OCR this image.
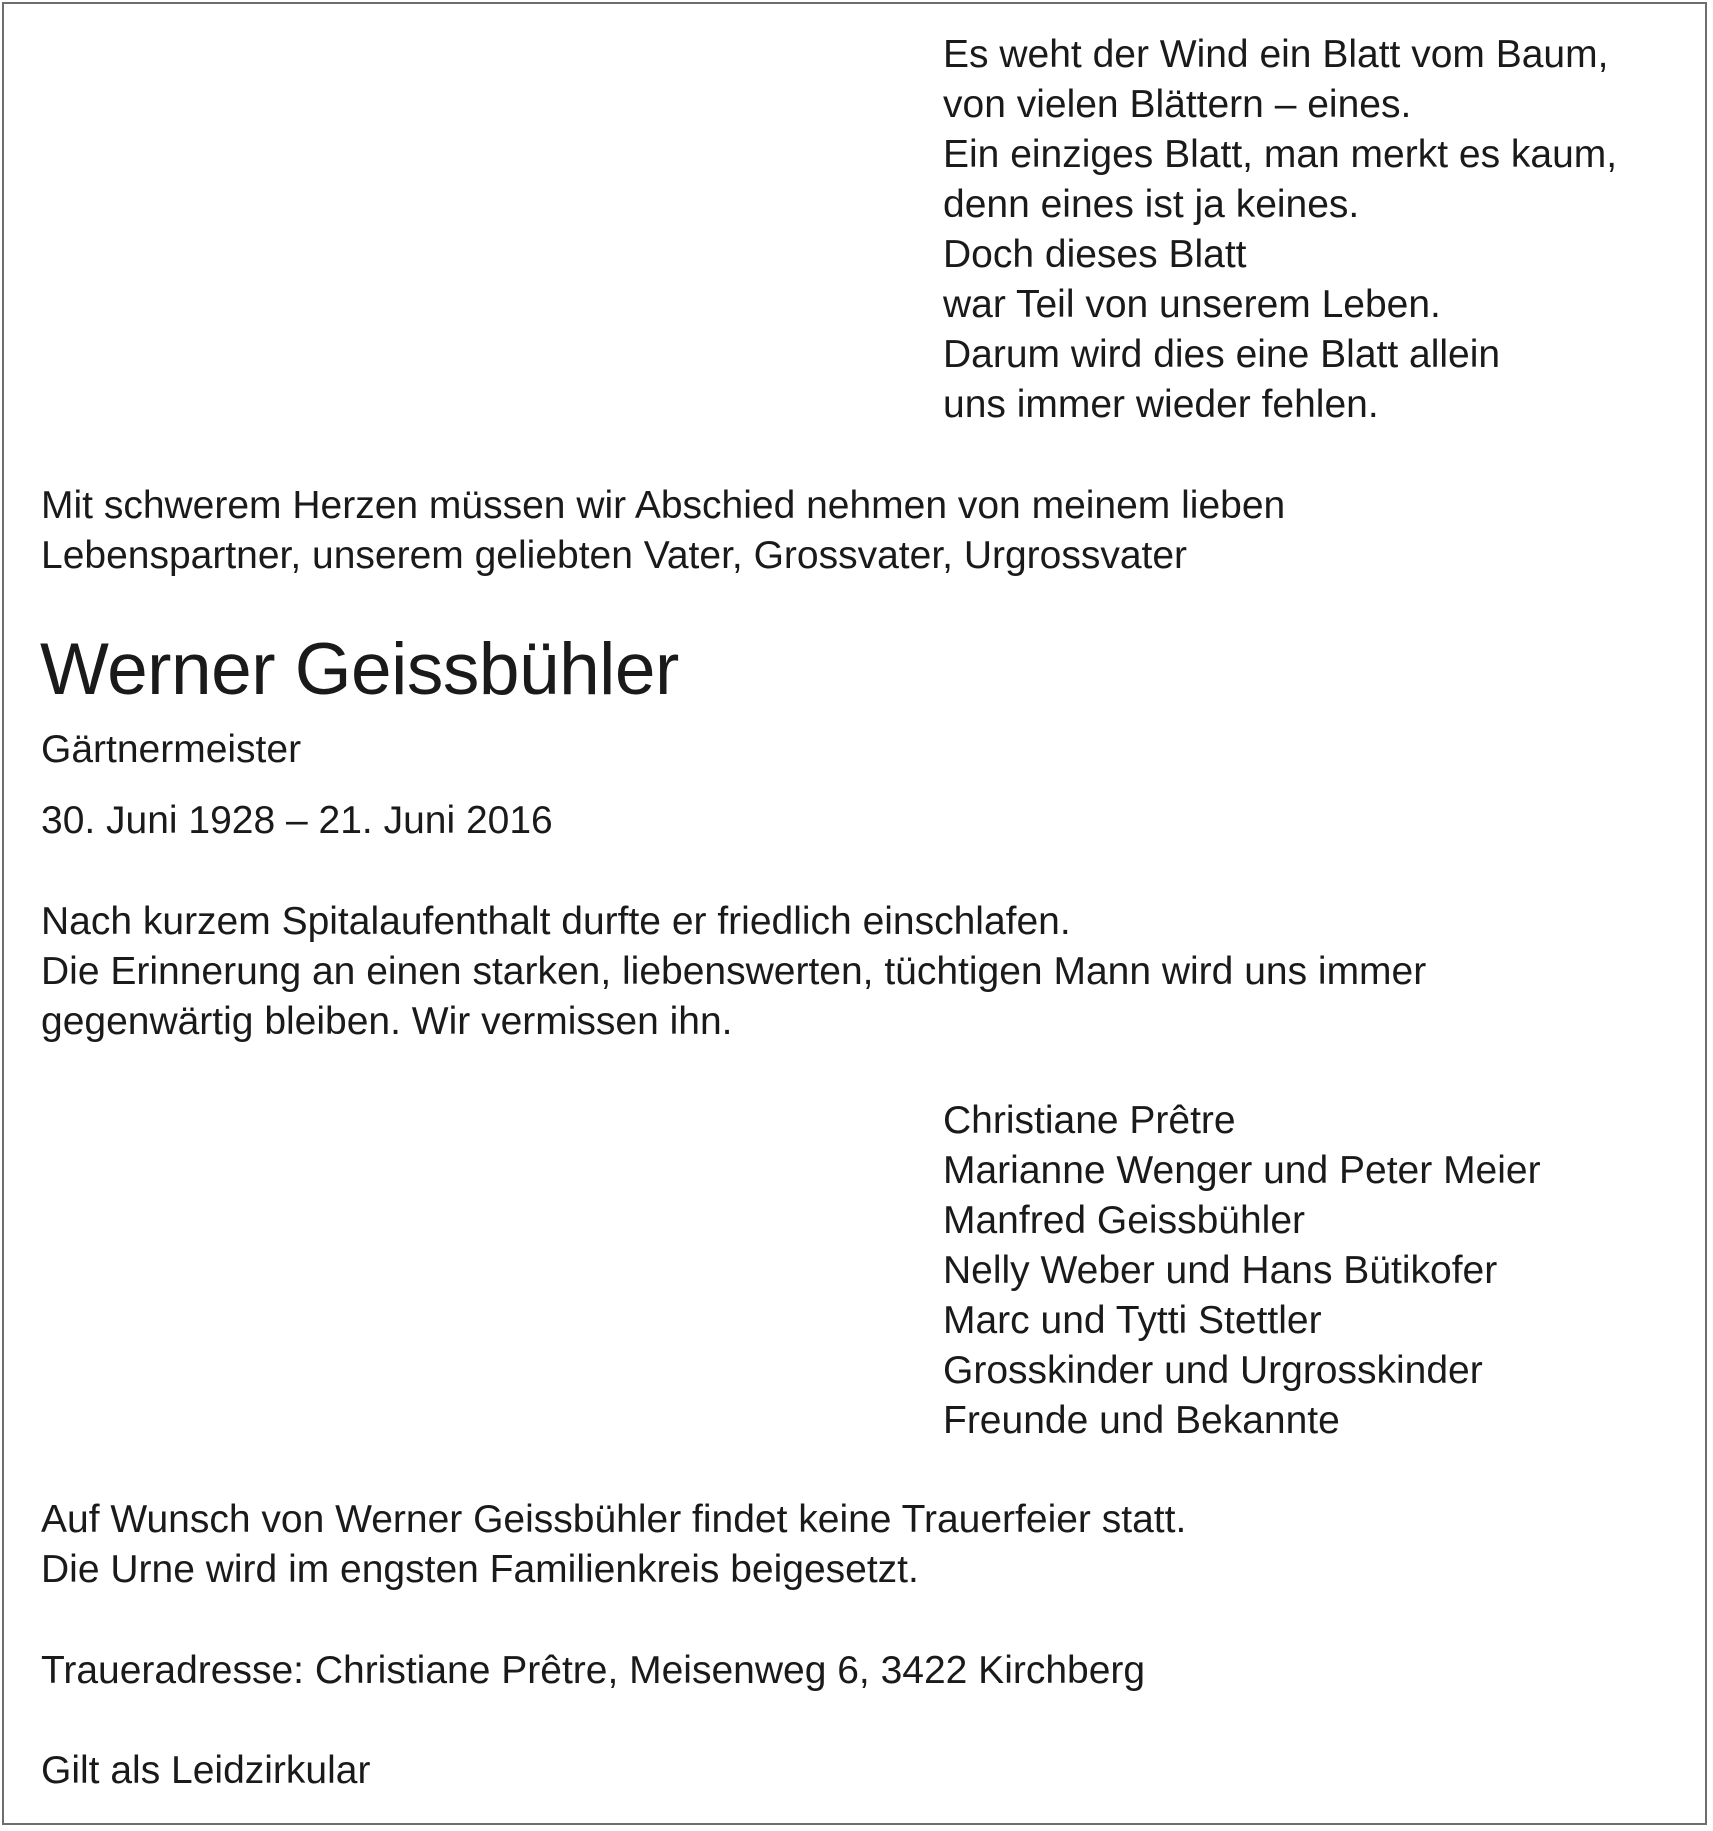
Es weht der Wind ein Blatt vom Baum,
von vielen Blättern – eines.
Ein einziges Blatt, man merkt es kaum,
denn eines ist ja keines.
Doch dieses Blatt
war Teil von unserem Leben.
Darum wird dies eine Blatt allein
uns immer wieder fehlen.
Mit schwerem Herzen müssen wir Abschied nehmen von meinem lieben
Lebenspartner, unserem geliebten Vater, Grossvater, Urgrossvater
Werner Geissbühler
Gärtnermeister
30. Juni 1928 – 21. Juni 2016
Nach kurzem Spitalaufenthalt durfte er friedlich einschlafen.
Die Erinnerung an einen starken, liebenswerten, tüchtigen Mann wird uns immer
gegenwärtig bleiben. Wir vermissen ihn.
Christiane Prêtre
Marianne Wenger und Peter Meier
Manfred Geissbühler
Nelly Weber und Hans Bütikofer
Marc und Tytti Stettler
Grosskinder und Urgrosskinder
Freunde und Bekannte
Auf Wunsch von Werner Geissbühler findet keine Trauerfeier statt.
Die Urne wird im engsten Familienkreis beigesetzt.
Traueradresse: Christiane Prêtre, Meisenweg 6, 3422 Kirchberg
Gilt als Leidzirkular
